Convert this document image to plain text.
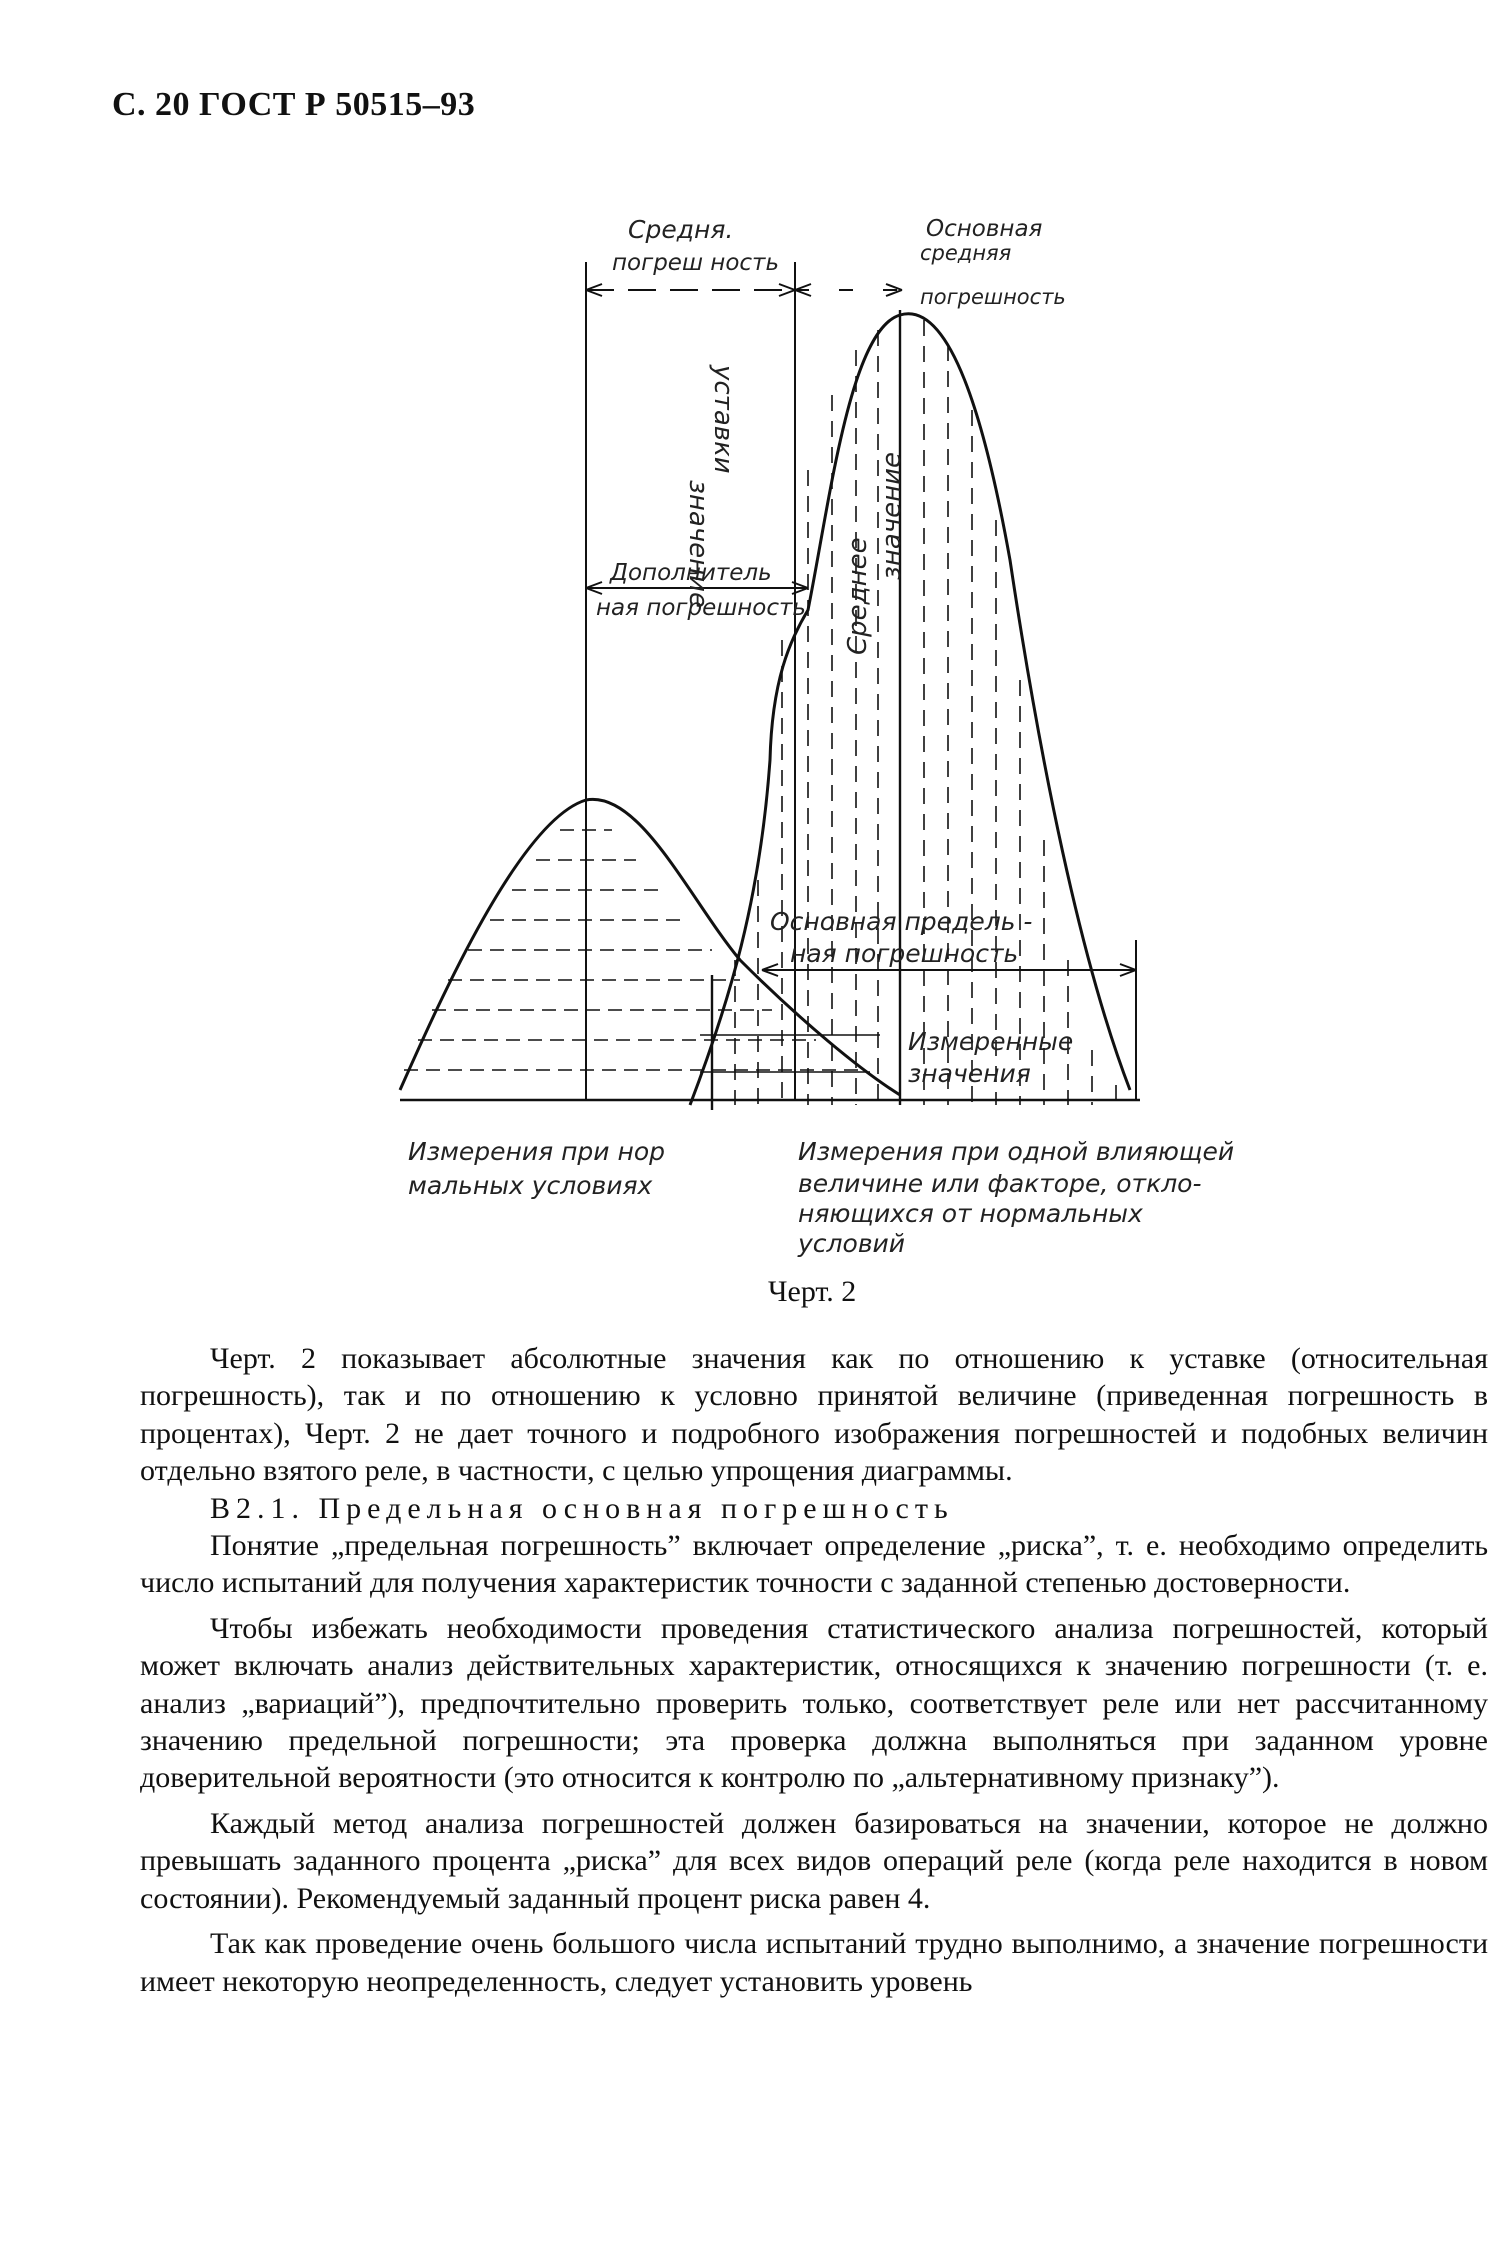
С. 20 ГОСТ Р 50515–93
Средня.
погреш ность
Основная
средняя
погрешность
значение
уставки
Дополнитель
ная погрешность Среднее
значение
Основная предель -
ная погрешность
Измеренные
значения
Измерения при нор
мальных условиях
Измерения при одной влияющей
величине или факторе, откло-
няющихся от нормальных
условий
Черт. 2

Черт. 2 показывает абсолютные значения как по отношению к уставке (относительная погрешность), так и по отношению к условно принятой величине (приведенная погрешность в процентах), Черт. 2 не дает точного и подробного изображения погрешностей и подобных величин отдельно взятого реле, в частности, с целью упрощения диаграммы.

В2.1. Предельная основная погрешность

Понятие „предельная погрешность” включает определение „риска”, т. е. необходимо определить число испытаний для получения характеристик точности с заданной степенью достоверности.

Чтобы избежать необходимости проведения статистического анализа погрешностей, который может включать анализ действительных характеристик, относящихся к значению погрешности (т. е. анализ „вариаций”), предпочтительно проверить только, соответствует реле или нет рассчитанному значению предельной погрешности; эта проверка должна выполняться при заданном уровне доверительной вероятности (это относится к контролю по „альтернативному признаку”).

Каждый метод анализа погрешностей должен базироваться на значении, которое не должно превышать заданного процента „риска” для всех видов операций реле (когда реле находится в новом состоянии). Рекомендуемый заданный процент риска равен 4.

Так как проведение очень большого числа испытаний трудно выполнимо, а значение погрешности имеет некоторую неопределенность, следует установить уровень
